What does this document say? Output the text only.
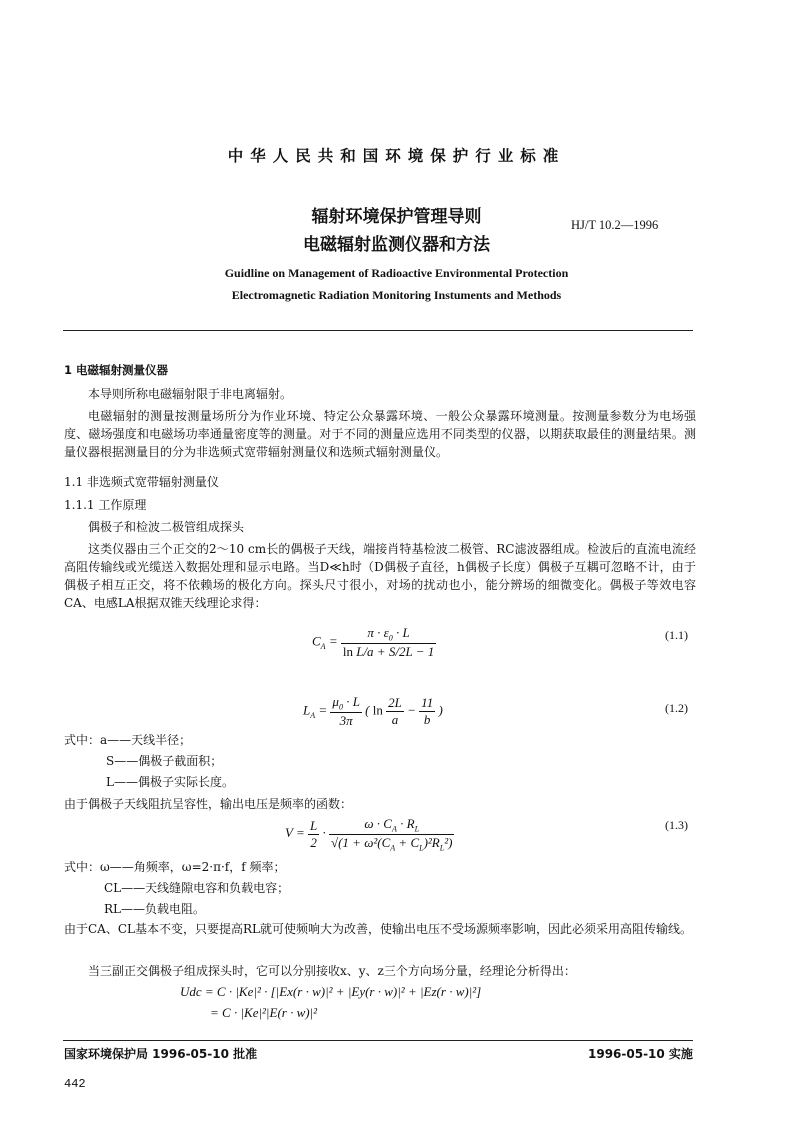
中华人民共和国环境保护行业标准
辐射环境保护管理导则
电磁辐射监测仪器和方法
HJ/T 10.2—1996
Guidline on Management of Radioactive Environmental Protection
Electromagnetic Radiation Monitoring Instuments and Methods
1 电磁辐射测量仪器
本导则所称电磁辐射限于非电离辐射。
电磁辐射的测量按测量场所分为作业环境、特定公众暴露环境、一般公众暴露环境测量。按测量参数分为电场强度、磁场强度和电磁场功率通量密度等的测量。对于不同的测量应选用不同类型的仪器，以期获取最佳的测量结果。测量仪器根据测量目的分为非选频式宽带辐射测量仪和选频式辐射测量仪。
1.1 非选频式宽带辐射测量仪
1.1.1 工作原理
偶极子和检波二极管组成探头
这类仪器由三个正交的2～10 cm长的偶极子天线，端接肖特基检波二极管、RC滤波器组成。检波后的直流电流经高阻传输线或光缆送入数据处理和显示电路。当D≪h时（D偶极子直径，h偶极子长度）偶极子互耦可忽略不计，由于偶极子相互正交，将不依赖场的极化方向。探头尺寸很小，对场的扰动也小，能分辨场的细微变化。偶极子等效电容CA、电感LA根据双锥天线理论求得：
$C_A = \frac{\pi \cdot \varepsilon_0 \cdot L}{\text{ln L/a + S/2L − 1}}$	(1.1)
$L_A = \frac{\mu_0 \cdot L}{3\pi}$ ( $\ln \frac{2L}{a} - \frac{11}{b}$ )	(1.2)
式中：a——天线半径；
S——偶极子截面积；
L——偶极子实际长度。
由于偶极子天线阻抗呈容性，输出电压是频率的函数：
$V = \frac{L}{2} \cdot \frac{\omega \cdot C_A \cdot R_L}{√(1 + \omega^2(C_A + C_L)^2R_L^2)}$	(1.3)
式中：ω——角频率，ω=2·π·f，f 频率；
CL——天线缝隙电容和负载电容；
RL——负载电阻。
由于CA、CL基本不变，只要提高RL就可使频响大为改善，使输出电压不受场源频率影响，因此必须采用高阻传输线。
当三副正交偶极子组成探头时，它可以分别接收x、y、z三个方向场分量，经理论分析得出：
Udc = C · |Ke|² · [|Ex(r · w)|² + |Ey(r · w)|² + |Ez(r · w)|²]
= C · |Ke|²|E(r · w)|²
国家环境保护局 1996-05-10 批准	1996-05-10 实施
442
